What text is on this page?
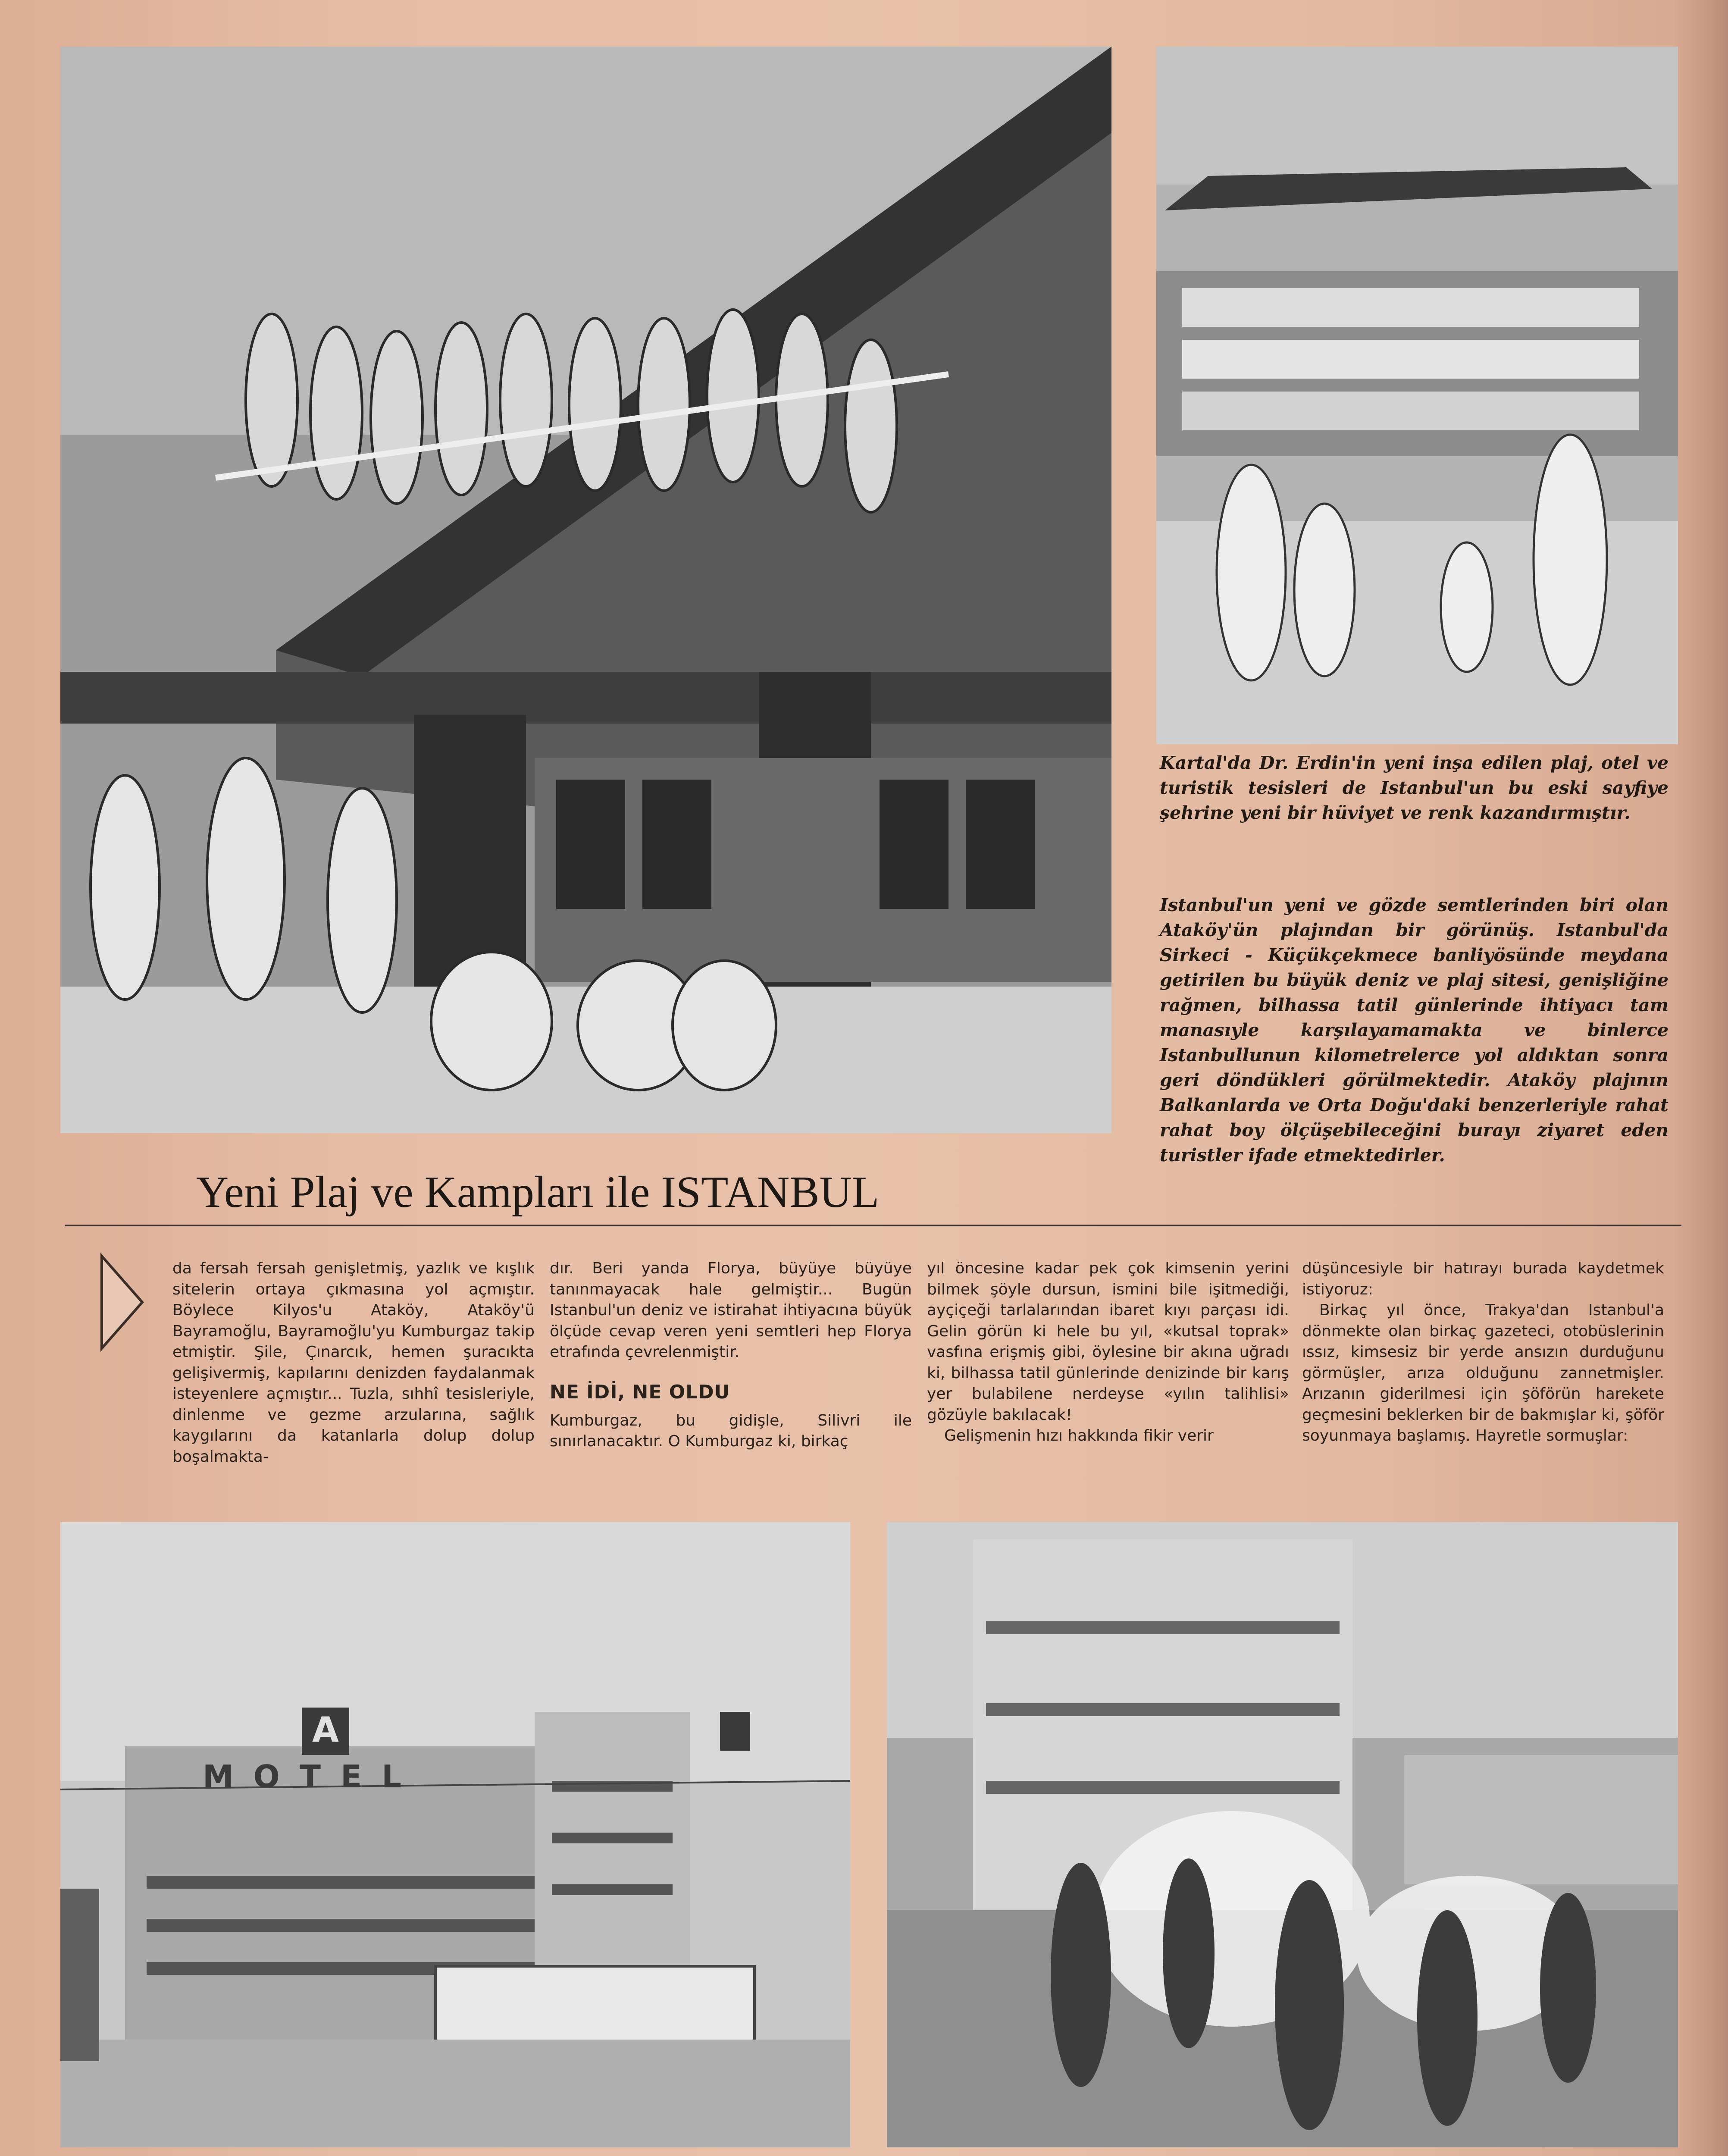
Kartal'da Dr. Erdin'in yeni inşa edilen plaj, otel ve turistik tesisleri de Istanbul'un bu eski sayfiye şehrine yeni bir hüviyet ve renk kazandırmıştır.

Istanbul'un yeni ve gözde semtlerinden biri olan Ataköy'ün plajından bir görünüş. Istanbul'da Sirkeci - Küçükçekmece banliyösünde meydana getirilen bu büyük deniz ve plaj sitesi, genişliğine rağmen, bilhassa tatil günlerinde ihtiyacı tam manasıyle karşılayamamakta ve binlerce Istanbullunun kilometrelerce yol aldıktan sonra geri döndükleri görülmektedir. Ataköy plajının Balkanlarda ve Orta Doğu'daki benzerleriyle rahat rahat boy ölçüşebileceğini burayı ziyaret eden turistler ifade etmektedirler.

Yeni Plaj ve Kampları ile ISTANBUL

da fersah fersah genişletmiş, yazlık ve kışlık sitelerin ortaya çıkmasına yol açmıştır. Böylece Kilyos'u Ataköy, Ataköy'ü Bayramoğlu, Bayramoğlu'yu Kumburgaz takip etmiştir. Şile, Çınarcık, hemen şuracıkta gelişivermiş, kapılarını denizden faydalanmak isteyenlere açmıştır... Tuzla, sıhhî tesisleriyle, dinlenme ve gezme arzularına, sağlık kaygılarını da katanlarla dolup dolup boşalmakta-

dır. Beri yanda Florya, büyüye büyüye tanınmayacak hale gelmiştir... Bugün Istanbul'un deniz ve istirahat ihtiyacına büyük ölçüde cevap veren yeni semtleri hep Florya etrafında çevrelenmiştir.

NE İDİ, NE OLDU

Kumburgaz, bu gidişle, Silivri ile sınırlanacaktır. O Kumburgaz ki, birkaç

yıl öncesine kadar pek çok kimsenin yerini bilmek şöyle dursun, ismini bile işitmediği, ayçiçeği tarlalarından ibaret kıyı parçası idi. Gelin görün ki hele bu yıl, «kutsal toprak» vasfına erişmiş gibi, öylesine bir akına uğradı ki, bilhassa tatil günlerinde denizinde bir karış yer bulabilene nerdeyse «yılın talihlisi» gözüyle bakılacak!

Gelişmenin hızı hakkında fikir verir

düşüncesiyle bir hatırayı burada kaydetmek istiyoruz:

Birkaç yıl önce, Trakya'dan Istanbul'a dönmekte olan birkaç gazeteci, otobüslerinin ıssız, kimsesiz bir yerde ansızın durduğunu görmüşler, arıza olduğunu zannetmişler. Arızanın giderilmesi için şöförün harekete geçmesini beklerken bir de bakmışlar ki, şöför soyunmaya başlamış. Hayretle sormuşlar:

MOTEL
A
